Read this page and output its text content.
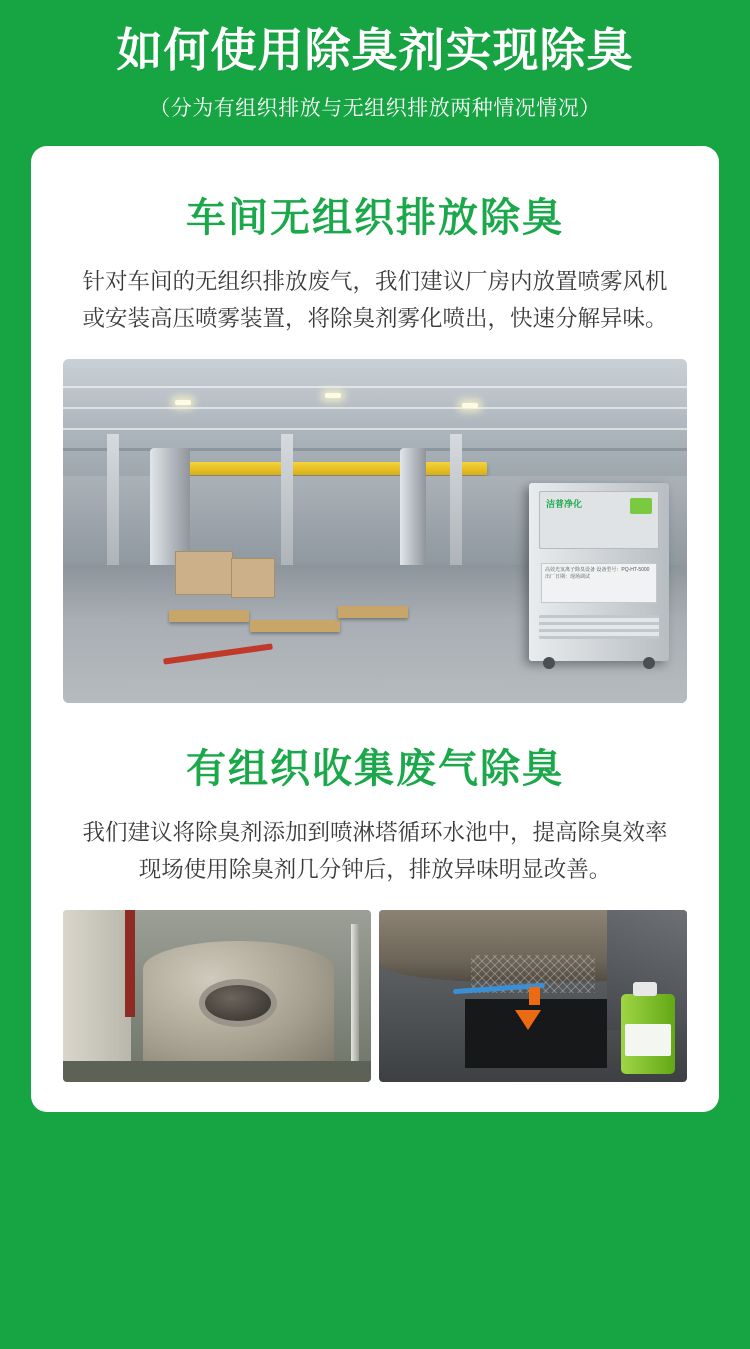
如何使用除臭剂实现除臭
（分为有组织排放与无组织排放两种情况情况）
车间无组织排放除臭
针对车间的无组织排放废气，我们建议厂房内放置喷雾风机或安装高压喷雾装置，将除臭剂雾化喷出，快速分解异味。
洁普净化
高效光氢离子除臭设备 设备型号：PQ-HT-5000 出厂日期：现场调试
有组织收集废气除臭
我们建议将除臭剂添加到喷淋塔循环水池中，提高除臭效率现场使用除臭剂几分钟后，排放异味明显改善。
